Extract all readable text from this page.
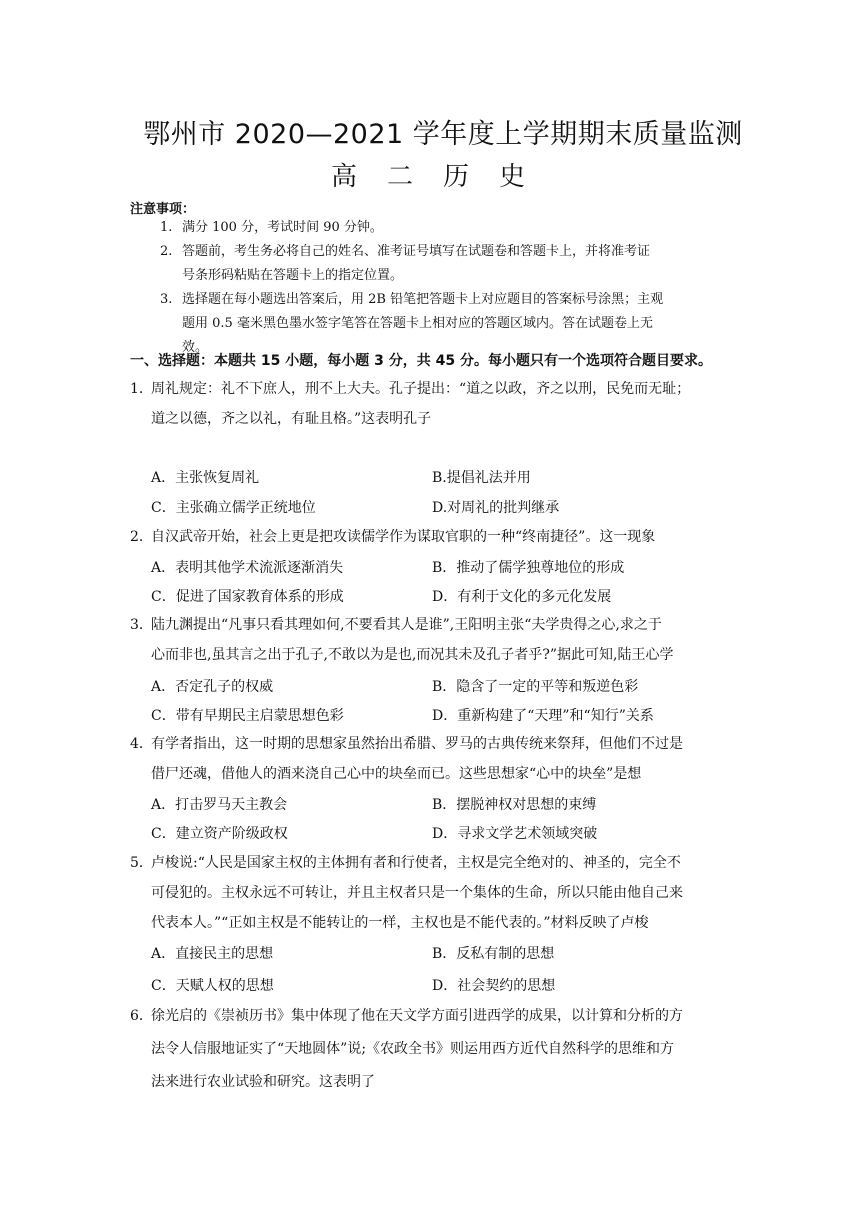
鄂州市 2020—2021 学年度上学期期末质量监测
高二历史
注意事项：
1. 满分 100 分，考试时间 90 分钟。
2. 答题前，考生务必将自己的姓名、准考证号填写在试题卷和答题卡上，并将准考证
号条形码粘贴在答题卡上的指定位置。
3. 选择题在每小题选出答案后，用 2B 铅笔把答题卡上对应题目的答案标号涂黑；主观
题用 0.5 毫米黑色墨水签字笔答在答题卡上相对应的答题区域内。答在试题卷上无
效。
一、选择题：本题共 15 小题，每小题 3 分，共 45 分。每小题只有一个选项符合题目要求。
1．周礼规定：礼不下庶人，刑不上大夫。孔子提出：“道之以政，齐之以刑，民免而无耻；
道之以德，齐之以礼，有耻且格。”这表明孔子
A．主张恢复周礼	B.提倡礼法并用
C．主张确立儒学正统地位	D.对周礼的批判继承
2．自汉武帝开始，社会上更是把攻读儒学作为谋取官职的一种“终南捷径”。这一现象
A．表明其他学术流派逐渐消失	B．推动了儒学独尊地位的形成
C．促进了国家教育体系的形成	D．有利于文化的多元化发展
3．陆九渊提出“凡事只看其理如何,不要看其人是谁”,王阳明主张“夫学贵得之心,求之于
心而非也,虽其言之出于孔子,不敢以为是也,而况其未及孔子者乎?”据此可知,陆王心学
A．否定孔子的权威	B．隐含了一定的平等和叛逆色彩
C．带有早期民主启蒙思想色彩	D．重新构建了“天理”和“知行”关系
4．有学者指出，这一时期的思想家虽然抬出希腊、罗马的古典传统来祭拜，但他们不过是
借尸还魂，借他人的酒来浇自己心中的块垒而已。这些思想家“心中的块垒”是想
A．打击罗马天主教会	B．摆脱神权对思想的束缚
C．建立资产阶级政权	D．寻求文学艺术领域突破
5．卢梭说:“人民是国家主权的主体拥有者和行使者，主权是完全绝对的、神圣的，完全不
可侵犯的。主权永远不可转让，并且主权者只是一个集体的生命，所以只能由他自己来
代表本人。”“正如主权是不能转让的一样，主权也是不能代表的。”材料反映了卢梭
A．直接民主的思想	B．反私有制的思想
C．天赋人权的思想	D．社会契约的思想
6．徐光启的《崇祯历书》集中体现了他在天文学方面引进西学的成果，以计算和分析的方
法令人信服地证实了“天地圆体”说;《农政全书》则运用西方近代自然科学的思维和方
法来进行农业试验和研究。这表明了
